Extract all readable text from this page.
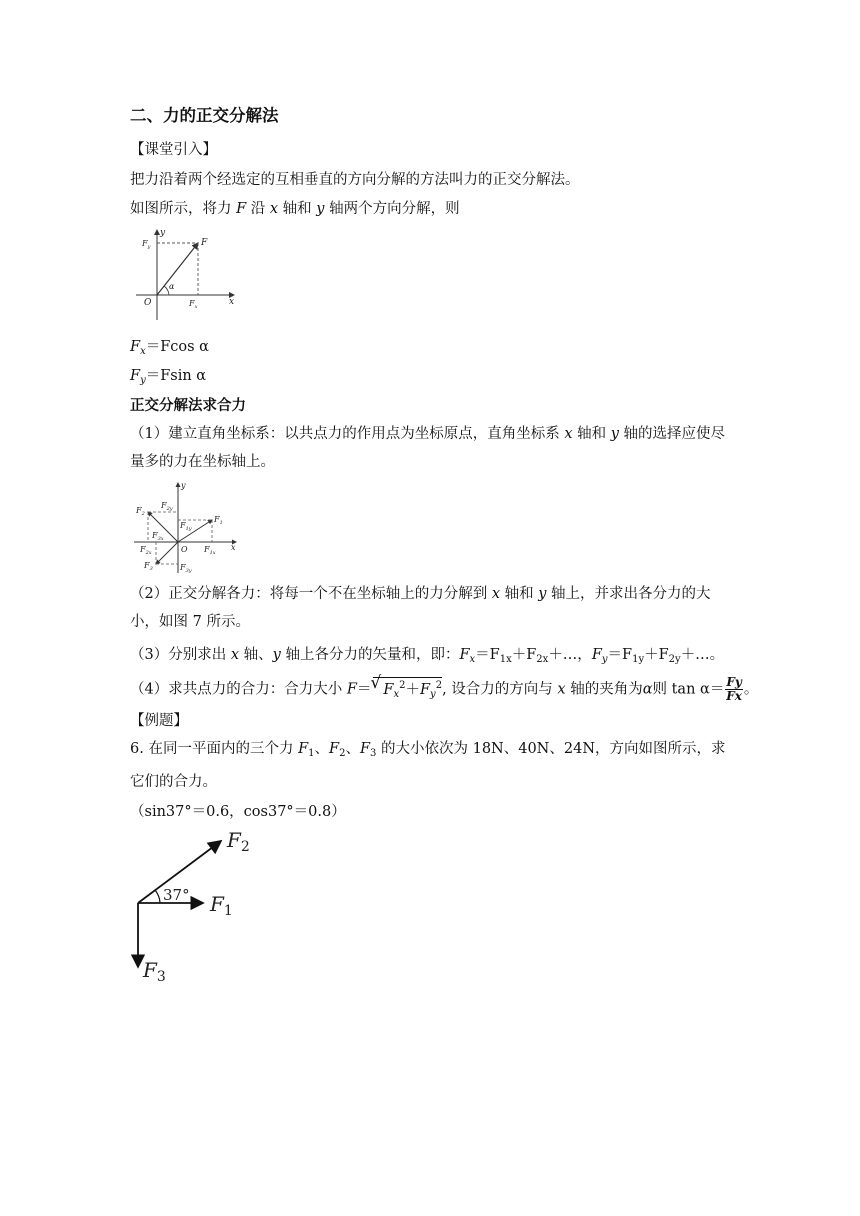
二、力的正交分解法
【课堂引入】
把力沿着两个经选定的互相垂直的方向分解的方法叫力的正交分解法。
如图所示，将力 F 沿 x 轴和 y 轴两个方向分解，则
y
x
O
α
F
$F_y$
$F_x$
$F_x=Fcos$ α
$F_y=Fsin$ α
正交分解法求合力
（1）建立直角坐标系：以共点力的作用点为坐标原点，直角坐标系 x 轴和 y 轴的选择应使尽量多的力在坐标轴上。
y
x
O
$F_2$
$F_{2y}$
$F_1$
$F_{1y}$
$F_{3x}$
$F_{2x}$	$F_{1x}$
$F_3$	$F_{3y}$
（2）正交分解各力：将每一个不在坐标轴上的力分解到 x 轴和 y 轴上，并求出各分力的大小，如图 7 所示。
（3）分别求出 x 轴、y 轴上各分力的矢量和，即：$F_x=F_{1x}+F_{2x}+\dots$，$F_y=F_{1y}+F_{2y}+\dots$。
（4）求共点力的合力：合力大小 F＝√ $F_x^2+F_y^2$, 设合力的方向与 x 轴的夹角为α则 $\tan \alpha= \frac{Fy}{Fx}$ 。
【例题】
6. 在同一平面内的三个力 $F_1$、$F_2$、$F_3$ 的大小依次为 18N、40N、24N，方向如图所示，求它们的合力。
（sin37°＝0.6，cos37°＝0.8）
37° $F_1$
$F_2$
$F_3$
